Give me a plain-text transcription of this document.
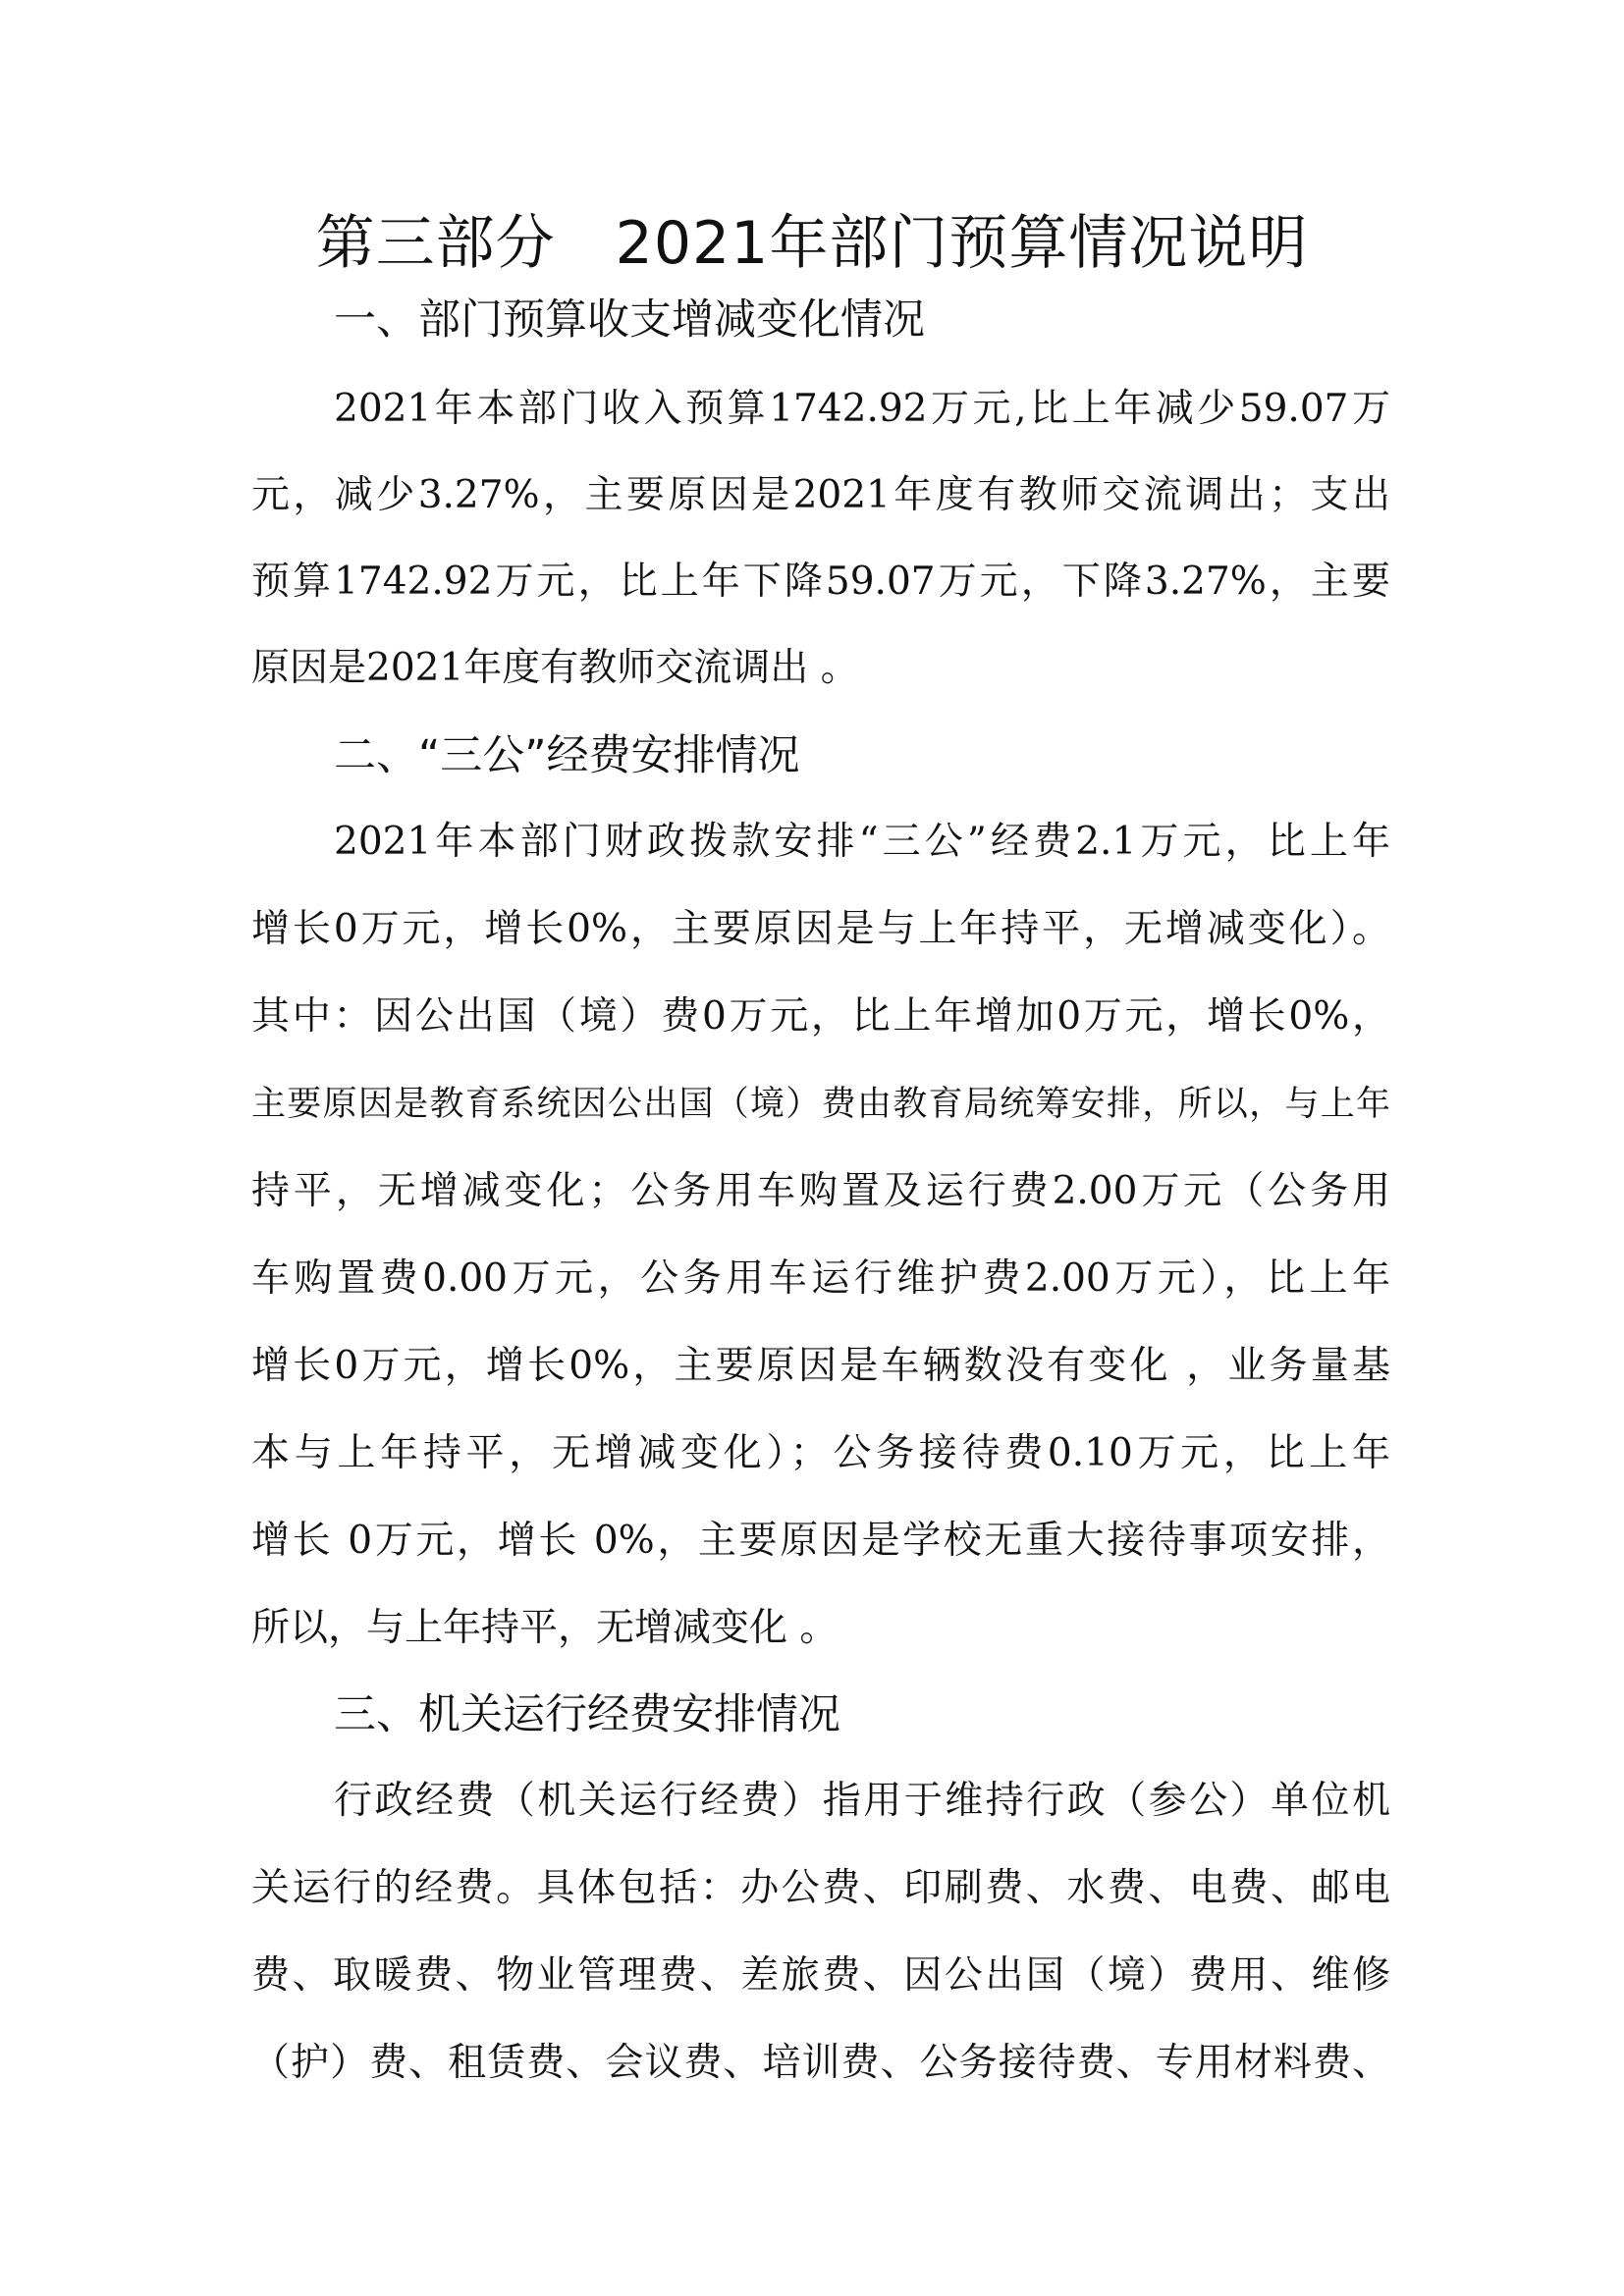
第三部分　2021年部门预算情况说明
一、部门预算收支增减变化情况
2021年本部门收入预算1742.92万元,比上年减少59.07万
元，减少3.27%，主要原因是2021年度有教师交流调出；支出
预算1742.92万元，比上年下降59.07万元，下降3.27%，主要
原因是2021年度有教师交流调出 。
二、“三公”经费安排情况
2021年本部门财政拨款安排“三公”经费2.1万元，比上年
增长0万元，增长0%，主要原因是与上年持平，无增减变化）。
其中：因公出国（境）费0万元，比上年增加0万元，增长0%，
主要原因是教育系统因公出国（境）费由教育局统筹安排，所以，与上年
持平，无增减变化；公务用车购置及运行费2.00万元（公务用
车购置费0.00万元，公务用车运行维护费2.00万元），比上年
增长0万元，增长0%，主要原因是车辆数没有变化 ，业务量基
本与上年持平，无增减变化）；公务接待费0.10万元，比上年
增长 0万元，增长 0%，主要原因是学校无重大接待事项安排，
所以，与上年持平，无增减变化 。
三、机关运行经费安排情况
行政经费（机关运行经费）指用于维持行政（参公）单位机
关运行的经费。具体包括：办公费、印刷费、水费、电费、邮电
费、取暖费、物业管理费、差旅费、因公出国（境）费用、维修
（护）费、租赁费、会议费、培训费、公务接待费、专用材料费、
